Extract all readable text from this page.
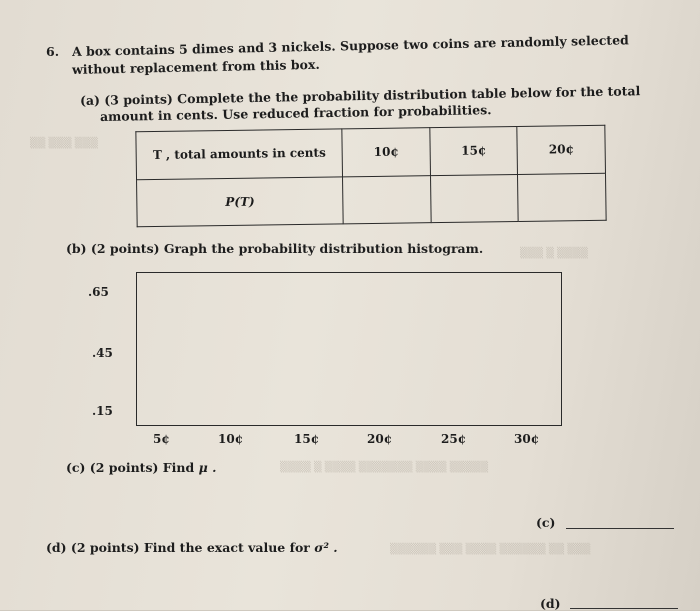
▒▒ ▒▒▒ ▒▒▒
▒▒▒ ▒ ▒▒▒▒
▒▒▒▒ ▒ ▒▒▒▒ ▒▒▒▒▒▒▒ ▒▒▒▒ ▒▒▒▒▒
▒▒▒▒▒▒ ▒▒▒ ▒▒▒▒ ▒▒▒▒▒▒ ▒▒ ▒▒▒
6. A box contains 5 dimes and 3 nickels. Suppose two coins are randomly selected
without replacement from this box.
(a) (3 points) Complete the the probability distribution table below for the total
amount in cents. Use reduced fraction for probabilities.
T , total amounts in cents	10¢	15¢	20¢
P(T)			
(b) (2 points) Graph the probability distribution histogram.
.65
.45
.15
5¢	10¢	15¢	20¢	25¢	30¢
(c) (2 points) Find μ .
(c)
(d) (2 points) Find the exact value for σ² .
(d)
